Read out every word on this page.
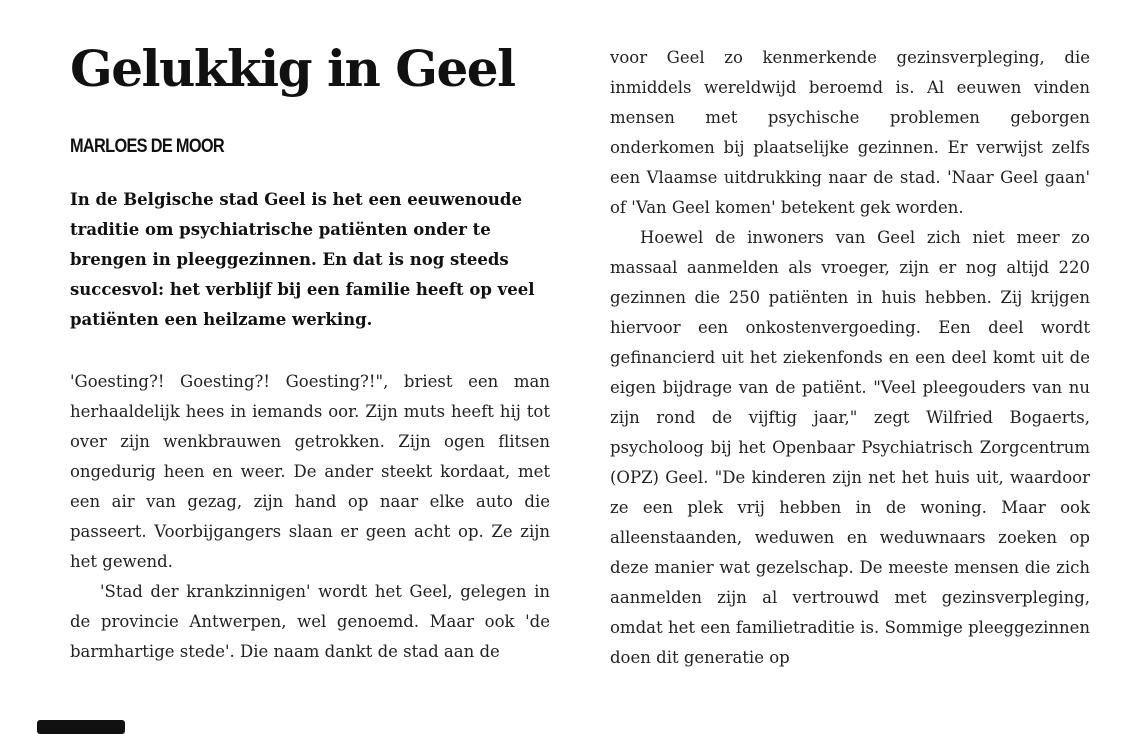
Gelukkig in Geel
MARLOES DE MOOR

In de Belgische stad Geel is het een eeuwenoude traditie om psychiatrische patiënten onder te brengen in pleeggezinnen. En dat is nog steeds succesvol: het verblijf bij een familie heeft op veel patiënten een heilzame werking.

'Goesting?! Goesting?! Goesting?!", briest een man herhaaldelijk hees in iemands oor. Zijn muts heeft hij tot over zijn wenkbrauwen getrokken. Zijn ogen flitsen ongedurig heen en weer. De ander steekt kordaat, met een air van gezag, zijn hand op naar elke auto die passeert. Voorbijgangers slaan er geen acht op. Ze zijn het gewend.

'Stad der krankzinnigen' wordt het Geel, gelegen in de provincie Antwerpen, wel genoemd. Maar ook 'de barmhartige stede'. Die naam dankt de stad aan de

voor Geel zo kenmerkende gezinsverpleging, die inmiddels wereldwijd beroemd is. Al eeuwen vinden mensen met psychische problemen geborgen onderkomen bij plaatselijke gezinnen. Er verwijst zelfs een Vlaamse uitdrukking naar de stad. 'Naar Geel gaan' of 'Van Geel komen' betekent gek worden.

Hoewel de inwoners van Geel zich niet meer zo massaal aanmelden als vroeger, zijn er nog altijd 220 gezinnen die 250 patiënten in huis hebben. Zij krijgen hiervoor een onkostenvergoeding. Een deel wordt gefinancierd uit het ziekenfonds en een deel komt uit de eigen bijdrage van de patiënt. "Veel pleegouders van nu zijn rond de vijftig jaar," zegt Wilfried Bogaerts, psycholoog bij het Openbaar Psychiatrisch Zorgcentrum (OPZ) Geel. "De kinderen zijn net het huis uit, waardoor ze een plek vrij hebben in de woning. Maar ook alleenstaanden, weduwen en weduwnaars zoeken op deze manier wat gezelschap. De meeste mensen die zich aanmelden zijn al vertrouwd met gezinsverpleging, omdat het een familietraditie is. Sommige pleeggezinnen doen dit generatie op
